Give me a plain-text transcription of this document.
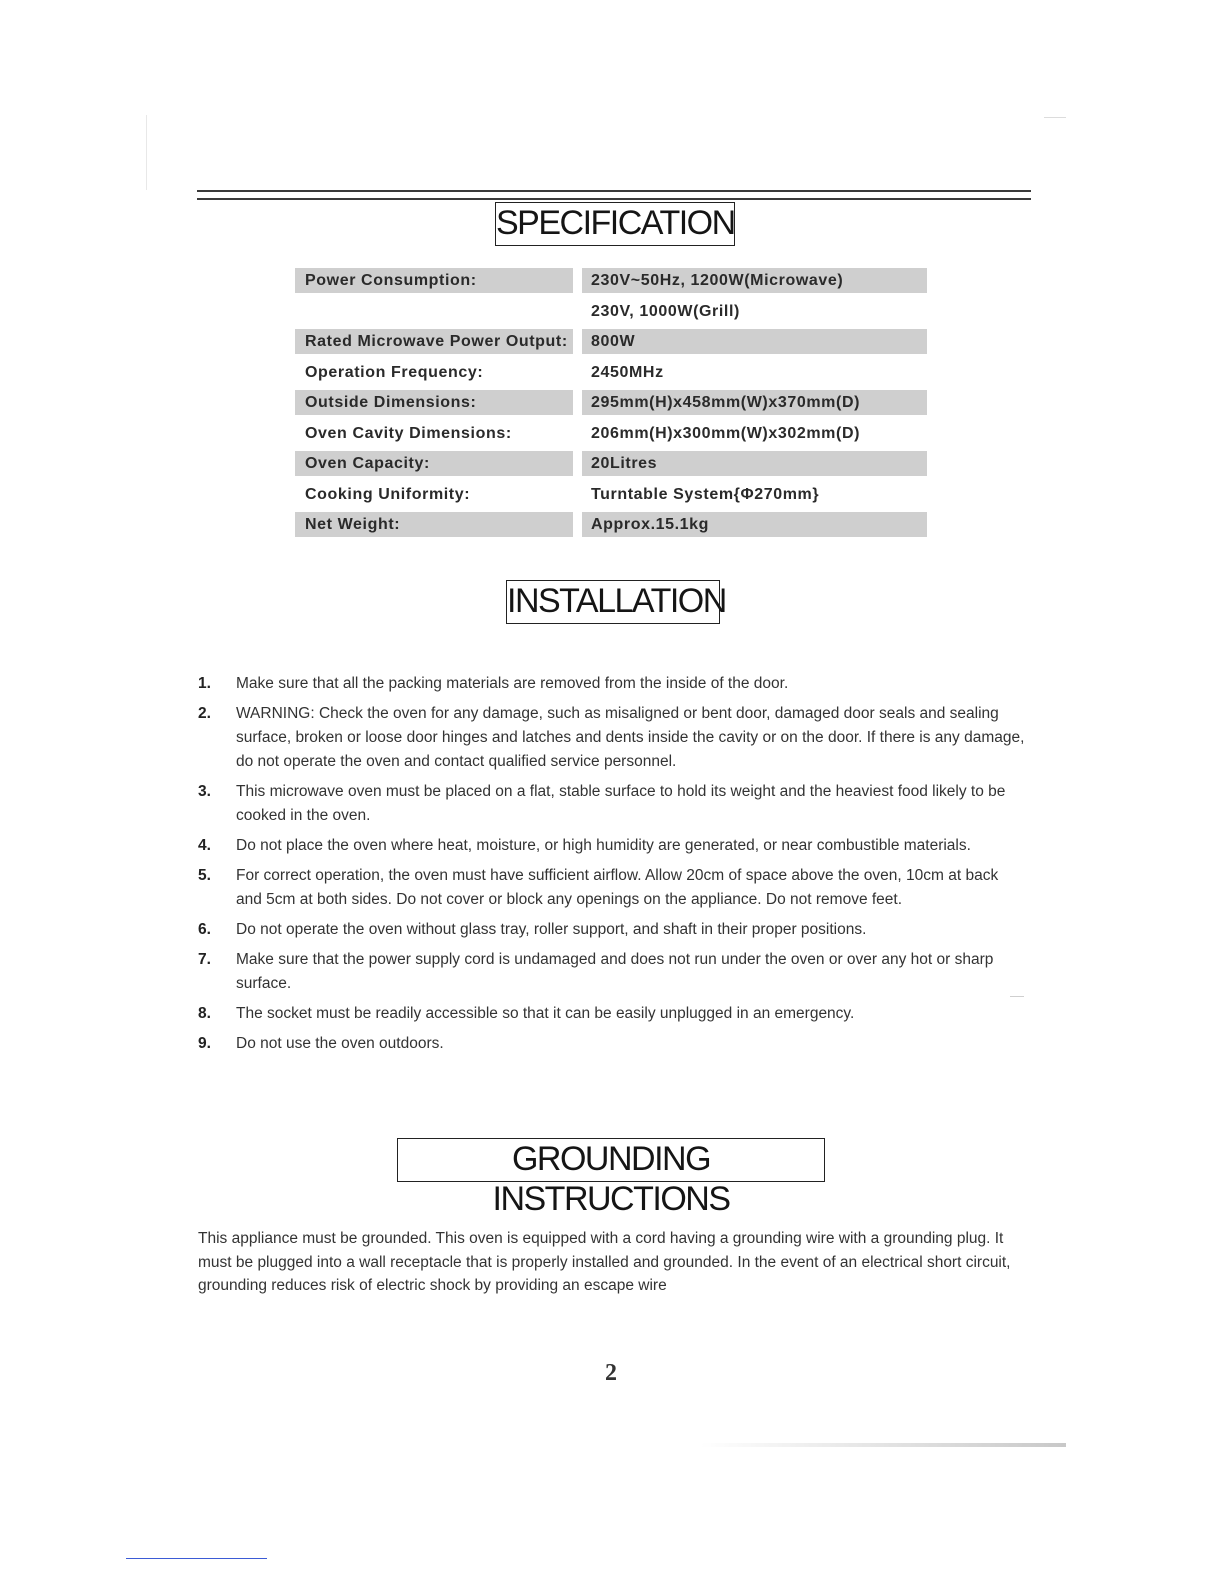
SPECIFICATION
Power Consumption:	230V~50Hz, 1200W(Microwave)
230V, 1000W(Grill)
Rated Microwave Power Output:	800W
Operation Frequency:	2450MHz
Outside Dimensions:	295mm(H)x458mm(W)x370mm(D)
Oven Cavity Dimensions:	206mm(H)x300mm(W)x302mm(D)
Oven Capacity:	20Litres
Cooking Uniformity:	Turntable System{Φ270mm}
Net Weight:	Approx.15.1kg
INSTALLATION
1. Make sure that all the packing materials are removed from the inside of the door.
2. WARNING: Check the oven for any damage, such as misaligned or bent door, damaged door seals and sealing surface, broken or loose door hinges and latches and dents inside the cavity or on the door. If there is any damage, do not operate the oven and contact qualified service personnel.
3. This microwave oven must be placed on a flat, stable surface to hold its weight and the heaviest food likely to be cooked in the oven.
4. Do not place the oven where heat, moisture, or high humidity are generated, or near combustible materials.
5. For correct operation, the oven must have sufficient airflow. Allow 20cm of space above the oven, 10cm at back and 5cm at both sides. Do not cover or block any openings on the appliance. Do not remove feet.
6. Do not operate the oven without glass tray, roller support, and shaft in their proper positions.
7. Make sure that the power supply cord is undamaged and does not run under the oven or over any hot or sharp surface.
8. The socket must be readily accessible so that it can be easily unplugged in an emergency.
9. Do not use the oven outdoors.
GROUNDING INSTRUCTIONS

This appliance must be grounded. This oven is equipped with a cord having a grounding wire with a grounding plug. It must be plugged into a wall receptacle that is properly installed and grounded. In the event of an electrical short circuit, grounding reduces risk of electric shock by providing an escape wire

2
